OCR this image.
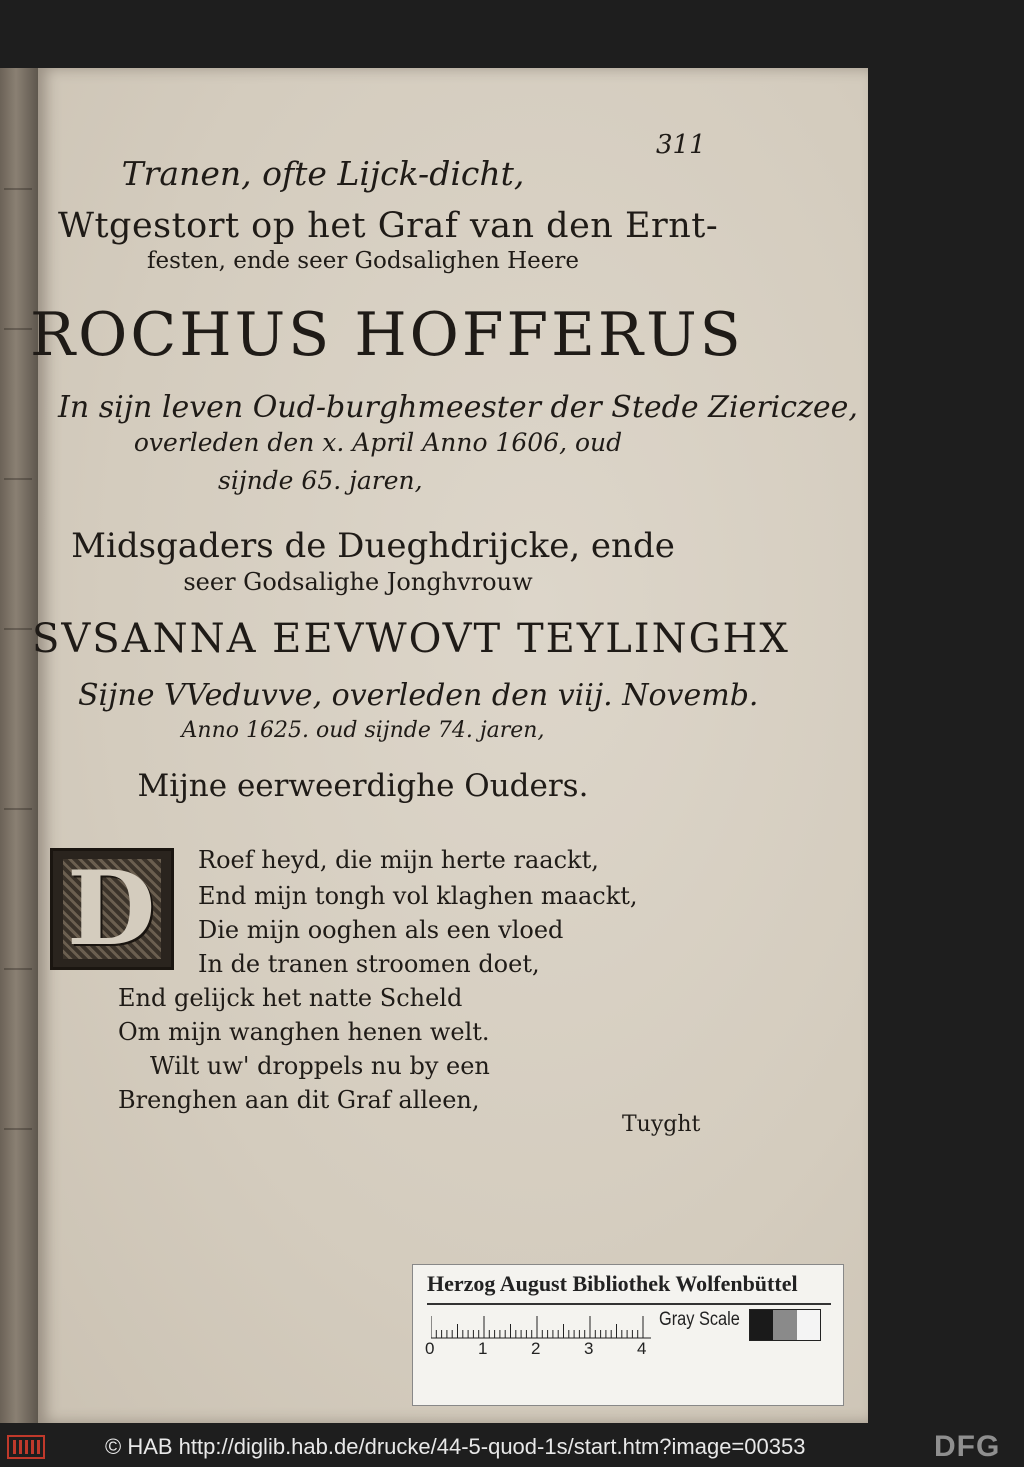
311
Tranen, ofte Lijck-dicht,
Wtgestort op het Graf van den Ernt-
festen, ende seer Godsalighen Heere
ROCHUS HOFFERUS
In sijn leven Oud-burghmeester der Stede Ziericzee,
overleden den x. April Anno 1606, oud
sijnde 65. jaren,
Midsgaders de Dueghdrijcke, ende
seer Godsalighe Jonghvrouw
SVSANNA EEVWOVT TEYLINGHX
Sijne VVeduvve, overleden den viij. Novemb.
Anno 1625. oud sijnde 74. jaren,
Mijne eerweerdighe Ouders.
D Roef heyd, die mijn herte raackt,
End mijn tongh vol klaghen maackt,
Die mijn ooghen als een vloed
In de tranen stroomen doet,
End gelijck het natte Scheld
Om mijn wanghen henen welt.
Wilt uw' droppels nu by een
Brenghen aan dit Graf alleen,
Tuyght
Herzog August Bibliothek Wolfenbüttel
Gray Scale
0	1	2	3	4
© HAB http://diglib.hab.de/drucke/44-5-quod-1s/start.htm?image=00353	DFG
